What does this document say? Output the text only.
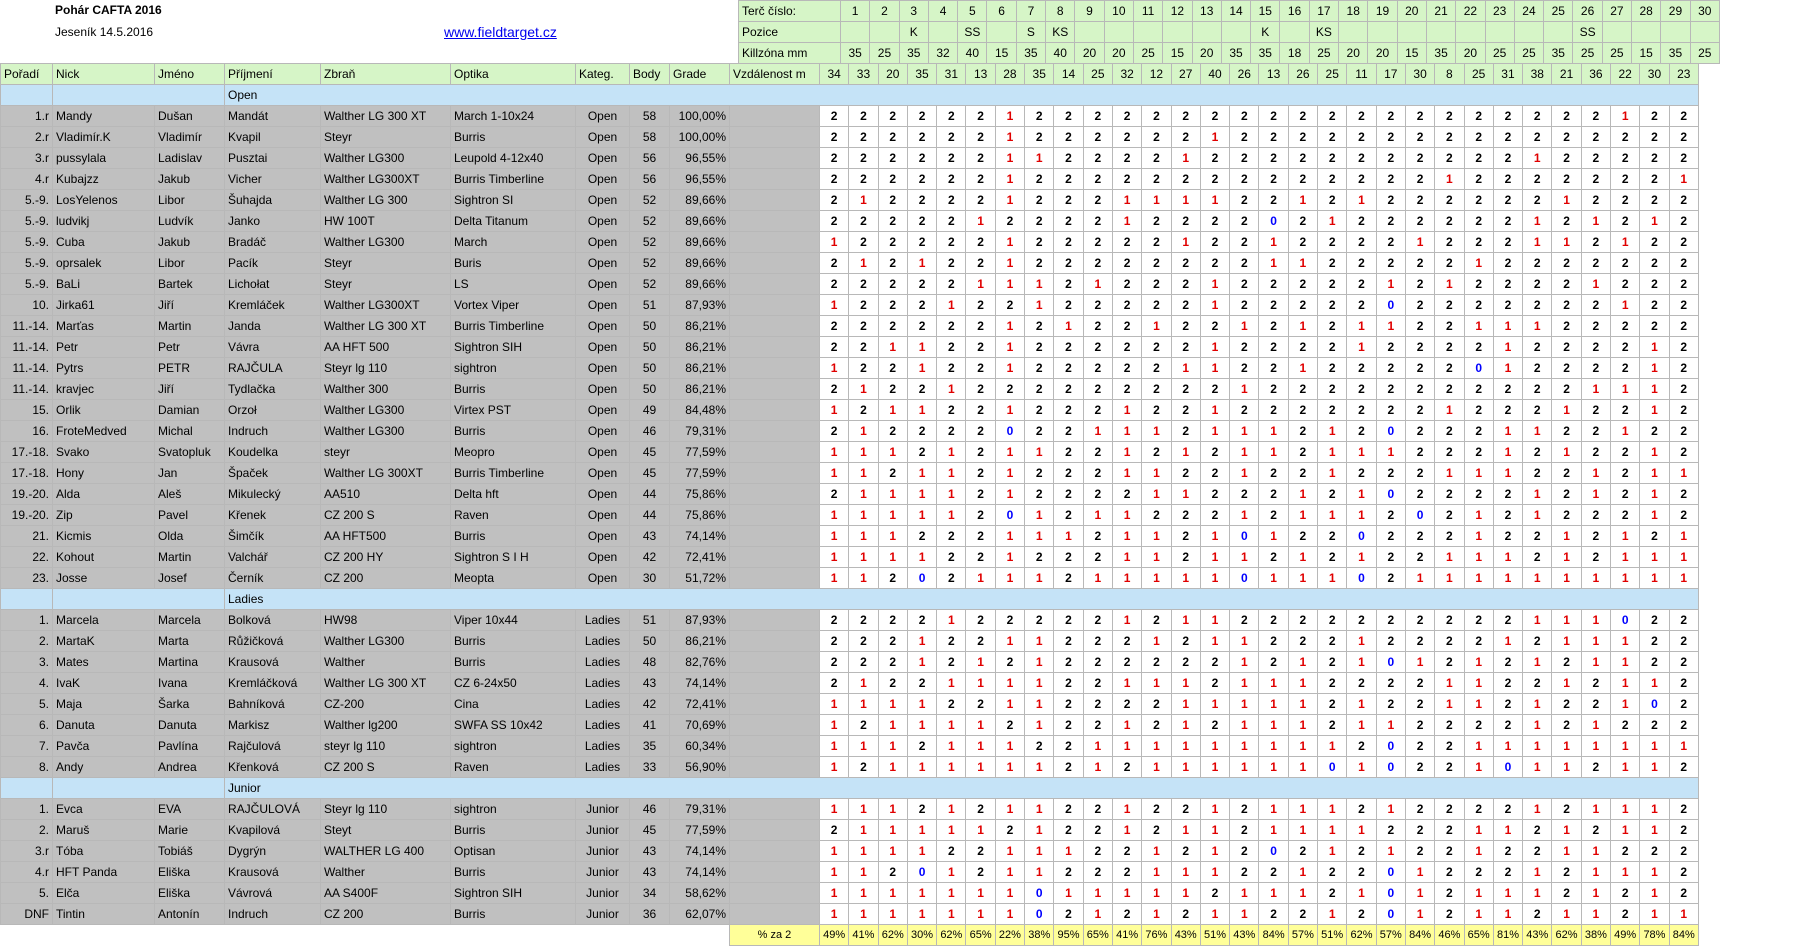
Pohár CAFTA 2016
Jeseník 14.5.2016	www.fieldtarget.cz
Terč číslo:	1	2	3	4	5	6	7	8	9	10	11	12	13	14	15	16	17	18	19	20	21	22	23	24	25	26	27	28	29	30
Pozice			K		SS		S	KS							K		KS									SS				
Killzóna mm	35	25	35	32	40	15	35	40	20	20	25	15	20	35	35	18	25	20	20	15	35	20	25	25	35	25	25	15	35	25
Pořadí	Nick	Jméno	Příjmení	Zbraň	Optika	Kateg.	Body	Grade	Vzdálenost m	34	33	20	35	31	13	28	35	14	25	32	12	27	40	26	13	26	25	11	17	30	8	25	31	38	21	36	22	30	23
			Open																																				
1.r	Mandy	Dušan	Mandát	Walther LG 300 XT	March 1-10x24	Open	58	100,00%		2	2	2	2	2	2	1	2	2	2	2	2	2	2	2	2	2	2	2	2	2	2	2	2	2	2	2	1	2	2
2.r	Vladimír.K	Vladimír	Kvapil	Steyr	Burris	Open	58	100,00%		2	2	2	2	2	2	1	2	2	2	2	2	2	1	2	2	2	2	2	2	2	2	2	2	2	2	2	2	2	2
3.r	pussylala	Ladislav	Pusztai	Walther LG300	Leupold 4-12x40	Open	56	96,55%		2	2	2	2	2	2	1	1	2	2	2	2	1	2	2	2	2	2	2	2	2	2	2	2	1	2	2	2	2	2
4.r	Kubajzz	Jakub	Vicher	Walther LG300XT	Burris Timberline	Open	56	96,55%		2	2	2	2	2	2	1	2	2	2	2	2	2	2	2	2	2	2	2	2	2	1	2	2	2	2	2	2	2	1
5.-9.	LosYelenos	Libor	Šuhajda	Walther LG 300	Sightron SI	Open	52	89,66%		2	1	2	2	2	2	1	2	2	2	1	1	1	1	2	2	1	2	1	2	2	2	2	2	2	1	2	2	2	2
5.-9.	ludvikj	Ludvík	Janko	HW 100T	Delta Titanum	Open	52	89,66%		2	2	2	2	2	1	2	2	2	2	1	2	2	2	2	0	2	1	2	2	2	2	2	2	1	2	1	2	1	2
5.-9.	Cuba	Jakub	Bradáč	Walther LG300	March	Open	52	89,66%		1	2	2	2	2	2	1	2	2	2	2	2	1	2	2	1	2	2	2	2	1	2	2	2	1	1	2	1	2	2
5.-9.	oprsalek	Libor	Pacík	Steyr	Buris	Open	52	89,66%		2	1	2	1	2	2	1	2	2	2	2	2	2	2	2	1	1	2	2	2	2	2	1	2	2	2	2	2	2	2
5.-9.	BaLi	Bartek	Lichołat	Steyr	LS	Open	52	89,66%		2	2	2	2	2	1	1	1	2	1	2	2	2	1	2	2	2	2	2	1	2	1	2	2	2	2	1	2	2	2
10.	Jirka61	Jiří	Kremláček	Walther LG300XT	Vortex Viper	Open	51	87,93%		1	2	2	2	1	2	2	1	2	2	2	2	2	1	2	2	2	2	2	0	2	2	2	2	2	2	2	1	2	2
11.-14.	Marťas	Martin	Janda	Walther LG 300 XT	Burris Timberline	Open	50	86,21%		2	2	2	2	2	2	1	2	1	2	2	1	2	2	1	2	1	2	1	1	2	2	1	1	1	2	2	2	2	2
11.-14.	Petr	Petr	Vávra	AA HFT 500	Sightron SIH	Open	50	86,21%		2	2	1	1	2	2	1	2	2	2	2	2	2	1	2	2	2	2	1	2	2	2	2	1	2	2	2	2	1	2
11.-14.	Pytrs	PETR	RAJČULA	Steyr lg 110	sightron	Open	50	86,21%		1	2	2	1	2	2	1	2	2	2	2	2	1	1	2	2	1	2	2	2	2	2	0	1	2	2	2	2	1	2
11.-14.	kravjec	Jiří	Tydlačka	Walther 300	Burris	Open	50	86,21%		2	1	2	2	1	2	2	2	2	2	2	2	2	2	1	2	2	2	2	2	2	2	2	2	2	2	1	1	1	2
15.	Orlik	Damian	Orzoł	Walther LG300	Virtex PST	Open	49	84,48%		1	2	1	1	2	2	1	2	2	2	1	2	2	1	2	2	2	2	2	2	2	1	2	2	2	1	2	2	1	2
16.	FroteMedved	Michal	Indruch	Walther LG300	Burris	Open	46	79,31%		2	1	2	2	2	2	0	2	2	1	1	1	2	1	1	1	2	1	2	0	2	2	2	1	1	2	2	1	2	2
17.-18.	Svako	Svatopluk	Koudelka	steyr	Meopro	Open	45	77,59%		1	1	1	2	1	2	1	1	2	2	1	2	1	2	1	1	2	1	1	1	2	2	2	1	2	1	2	2	1	2
17.-18.	Hony	Jan	Špaček	Walther LG 300XT	Burris Timberline	Open	45	77,59%		1	1	2	1	1	2	1	2	2	2	1	1	2	2	1	2	2	1	2	2	2	1	1	1	2	2	1	2	1	1
19.-20.	Alda	Aleš	Mikulecký	AA510	Delta hft	Open	44	75,86%		2	1	1	1	1	2	1	2	2	2	2	1	1	2	2	2	1	2	1	0	2	2	2	2	1	2	1	2	1	2
19.-20.	Zip	Pavel	Křenek	CZ 200 S	Raven	Open	44	75,86%		1	1	1	1	1	2	0	1	2	1	1	2	2	2	1	2	1	1	1	2	0	2	1	2	1	2	2	2	1	2
21.	Kicmis	Olda	Šimčík	AA HFT500	Burris	Open	43	74,14%		1	1	1	2	2	2	1	1	1	2	1	1	2	1	0	1	2	2	0	2	2	2	1	2	2	1	2	1	2	1
22.	Kohout	Martin	Valchář	CZ 200 HY	Sightron S I H	Open	42	72,41%		1	1	1	1	2	2	1	2	2	2	1	1	2	1	1	2	1	2	1	2	2	1	1	1	2	1	2	1	1	1
23.	Josse	Josef	Černík	CZ 200	Meopta	Open	30	51,72%		1	1	2	0	2	1	1	1	2	1	1	1	1	1	0	1	1	1	0	2	1	1	1	1	1	1	1	1	1	1
			Ladies																																				
1.	Marcela	Marcela	Bolková	HW98	Viper 10x44	Ladies	51	87,93%		2	2	2	2	1	2	2	2	2	2	1	2	1	1	2	2	2	2	2	2	2	2	2	2	1	1	1	0	2	2
2.	MartaK	Marta	Růžičková	Walther LG300	Burris	Ladies	50	86,21%		2	2	2	1	2	2	1	1	2	2	2	1	2	1	1	2	2	2	1	2	2	2	2	1	2	1	1	1	2	2
3.	Mates	Martina	Krausová	Walther	Burris	Ladies	48	82,76%		2	2	2	1	2	1	2	1	2	2	2	2	2	2	1	2	1	2	1	0	1	2	1	2	1	2	1	1	2	2
4.	IvaK	Ivana	Kremláčková	Walther LG 300 XT	CZ 6-24x50	Ladies	43	74,14%		2	1	2	2	1	1	1	1	2	2	1	1	1	2	1	1	1	2	2	2	2	1	1	2	2	1	2	1	1	2
5.	Maja	Šarka	Bahníková	CZ-200	Cina	Ladies	42	72,41%		1	1	1	1	2	2	1	1	2	2	2	2	1	1	1	1	1	2	1	2	2	1	1	2	1	2	2	1	0	2
6.	Danuta	Danuta	Markisz	Walther lg200	SWFA SS 10x42	Ladies	41	70,69%		1	2	1	1	1	1	2	1	2	2	1	2	1	2	1	1	1	2	1	1	2	2	2	2	1	2	1	2	2	2
7.	Pavča	Pavlína	Rajčulová	steyr lg 110	sightron	Ladies	35	60,34%		1	1	1	2	1	1	1	2	2	1	1	1	1	1	1	1	1	1	2	0	2	2	1	1	1	1	1	1	1	1
8.	Andy	Andrea	Křenková	CZ 200 S	Raven	Ladies	33	56,90%		1	2	1	1	1	1	1	1	2	1	2	1	1	1	1	1	1	0	1	0	2	2	1	0	1	1	2	1	1	2
			Junior																																				
1.	Evca	EVA	RAJČULOVÁ	Steyr lg 110	sightron	Junior	46	79,31%		1	1	1	2	1	2	1	1	2	2	1	2	2	1	2	1	1	1	2	1	2	2	2	2	1	2	1	1	1	2
2.	Maruš	Marie	Kvapilová	Steyt	Burris	Junior	45	77,59%		2	1	1	1	1	1	2	1	2	2	1	2	1	1	2	1	1	1	1	2	2	2	1	1	2	1	2	1	1	2
3.r	Tóba	Tobiáš	Dygrýn	WALTHER LG 400	Optisan	Junior	43	74,14%		1	1	1	1	2	2	1	1	1	2	2	1	2	1	2	0	2	1	2	1	2	2	1	2	2	1	1	2	2	2
4.r	HFT Panda	Eliška	Krausová	Walther	Burris	Junior	43	74,14%		1	1	2	0	1	2	1	1	2	2	2	1	1	1	2	2	1	2	2	0	1	2	2	2	1	2	1	1	1	2
5.	Elča	Eliška	Vávrová	AA S400F	Sightron SIH	Junior	34	58,62%		1	1	1	1	1	1	1	0	1	1	1	1	1	2	1	1	1	2	1	0	1	2	1	1	1	2	1	2	1	2
DNF	Tintin	Antonín	Indruch	CZ 200	Burris	Junior	36	62,07%		1	1	1	1	1	1	1	0	2	1	2	1	2	1	1	2	2	1	2	0	1	2	1	1	2	1	1	2	1	1
									% za 2	49%	41%	62%	30%	62%	65%	22%	38%	95%	65%	41%	76%	43%	51%	43%	84%	57%	51%	62%	57%	84%	46%	65%	81%	43%	62%	38%	49%	78%	84%
